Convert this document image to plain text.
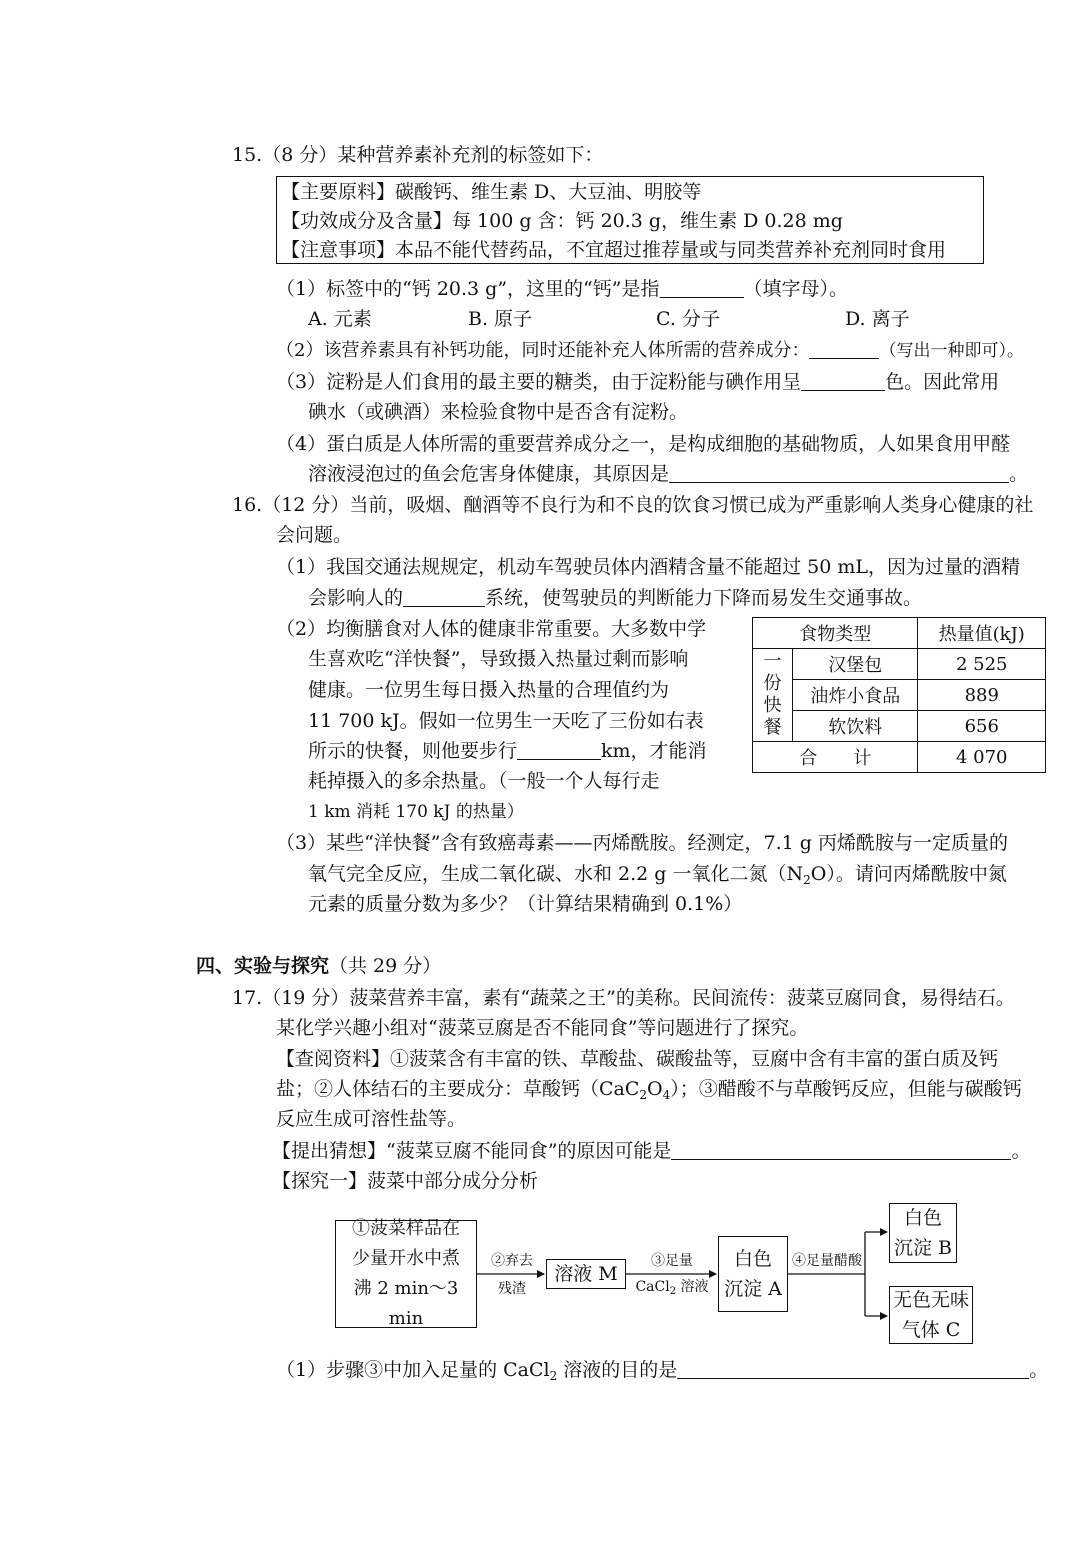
15.（8 分）某种营养素补充剂的标签如下：
【主要原料】碳酸钙、维生素 D、大豆油、明胶等
【功效成分及含量】每 100 g 含：钙 20.3 g，维生素 D 0.28 mg
【注意事项】本品不能代替药品，不宜超过推荐量或与同类营养补充剂同时食用
（1）标签中的“钙 20.3 g”，这里的“钙”是指	（填字母）。
A. 元素	B. 原子	C. 分子	D. 离子
（2）该营养素具有补钙功能，同时还能补充人体所需的营养成分：	（写出一种即可）。
（3）淀粉是人们食用的最主要的糖类，由于淀粉能与碘作用呈	色。因此常用
碘水（或碘酒）来检验食物中是否含有淀粉。
（4）蛋白质是人体所需的重要营养成分之一，是构成细胞的基础物质，人如果食用甲醛
溶液浸泡过的鱼会危害身体健康，其原因是	。
16.（12 分）当前，吸烟、酗酒等不良行为和不良的饮食习惯已成为严重影响人类身心健康的社
会问题。
（1）我国交通法规规定，机动车驾驶员体内酒精含量不能超过 50 mL，因为过量的酒精
会影响人的	系统，使驾驶员的判断能力下降而易发生交通事故。
（2）均衡膳食对人体的健康非常重要。大多数中学
生喜欢吃“洋快餐”，导致摄入热量过剩而影响
健康。一位男生每日摄入热量的合理值约为
11 700 kJ。假如一位男生一天吃了三份如右表
所示的快餐，则他要步行	km，才能消
耗掉摄入的多余热量。（一般一个人每行走
1 km 消耗 170 kJ 的热量）
食物类型		热量值(kJ)
一份快餐	汉堡包	2 525
	油炸小食品	889
	软饮料	656
合　　计		4 070
（3）某些“洋快餐”含有致癌毒素——丙烯酰胺。经测定，7.1 g 丙烯酰胺与一定质量的
氧气完全反应，生成二氧化碳、水和 2.2 g 一氧化二氮$(N_2O)$。请问丙烯酰胺中氮
元素的质量分数为多少？（计算结果精确到 0.1%）
四、实验与探究（共 29 分）
17.（19 分）菠菜营养丰富，素有“蔬菜之王”的美称。民间流传：菠菜豆腐同食，易得结石。
某化学兴趣小组对“菠菜豆腐是否不能同食”等问题进行了探究。
【查阅资料】①菠菜含有丰富的铁、草酸盐、碳酸盐等，豆腐中含有丰富的蛋白质及钙
盐；②人体结石的主要成分：草酸钙$(CaC_2O_4)$；③醋酸不与草酸钙反应，但能与碳酸钙
反应生成可溶性盐等。
【提出猜想】“菠菜豆腐不能同食”的原因可能是	。
【探究一】菠菜中部分成分分析
①菠菜样品在
少量开水中煮
沸 2 min～3 min
②弃去
残渣
溶液 M
③足量
CaCl$_2$ 溶液
白色
沉淀 A
④足量醋酸
白色
沉淀 B
无色无味
气体 C
（1）步骤③中加入足量的 CaCl$_2$ 溶液的目的是	。
